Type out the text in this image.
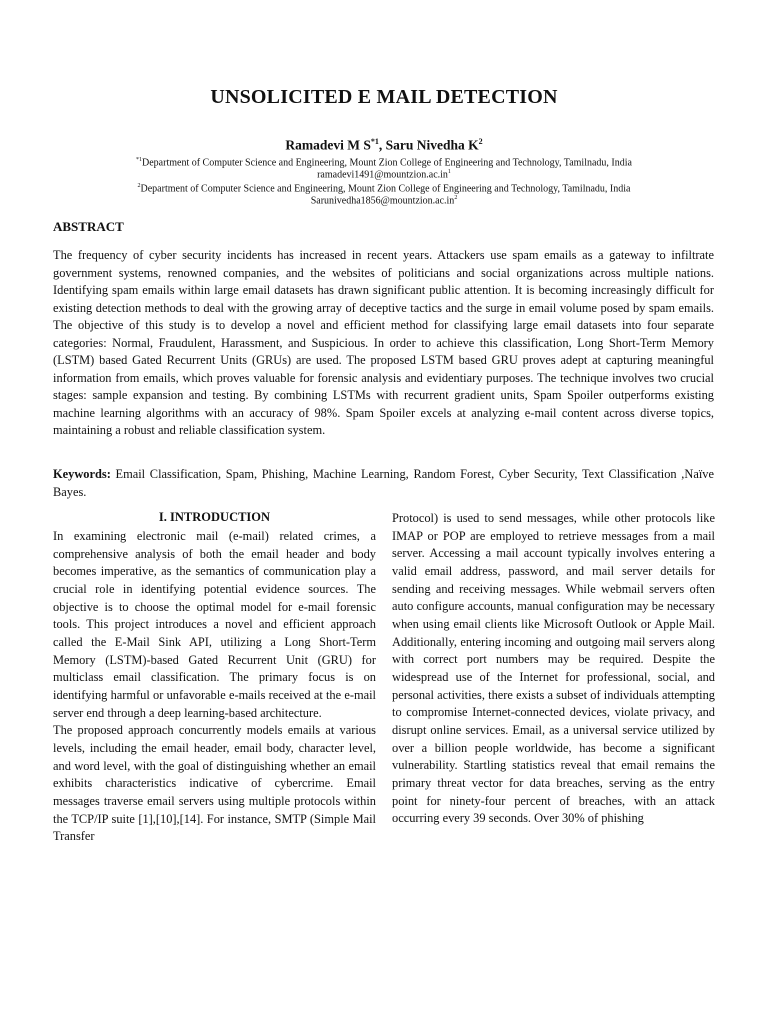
UNSOLICITED E MAIL DETECTION
Ramadevi M $S^{*1}$, Saru Nivedha $K^2$
$^{*1}$Department of Computer Science and Engineering, Mount Zion College of Engineering and Technology, Tamilnadu, India
$ramadevi1491@mountzion.ac.in^1$
$^2$Department of Computer Science and Engineering, Mount Zion College of Engineering and Technology, Tamilnadu, India
$Sarunivedha1856@mountzion.ac.in^2$
ABSTRACT

The frequency of cyber security incidents has increased in recent years. Attackers use spam emails as a gateway to infiltrate government systems, renowned companies, and the websites of politicians and social organizations across multiple nations. Identifying spam emails within large email datasets has drawn significant public attention. It is becoming increasingly difficult for existing detection methods to deal with the growing array of deceptive tactics and the surge in email volume posed by spam emails. The objective of this study is to develop a novel and efficient method for classifying large email datasets into four separate categories: Normal, Fraudulent, Harassment, and Suspicious. In order to achieve this classification, Long Short-Term Memory (LSTM) based Gated Recurrent Units (GRUs) are used. The proposed LSTM based GRU proves adept at capturing meaningful information from emails, which proves valuable for forensic analysis and evidentiary purposes. The technique involves two crucial stages: sample expansion and testing. By combining LSTMs with recurrent gradient units, Spam Spoiler outperforms existing machine learning algorithms with an accuracy of 98%. Spam Spoiler excels at analyzing e-mail content across diverse topics, maintaining a robust and reliable classification system.

Keywords: Email Classification, Spam, Phishing, Machine Learning, Random Forest, Cyber Security, Text Classification ,Naïve Bayes.

I. INTRODUCTION

In examining electronic mail (e-mail) related crimes, a comprehensive analysis of both the email header and body becomes imperative, as the semantics of communication play a crucial role in identifying potential evidence sources. The objective is to choose the optimal model for e-mail forensic tools. This project introduces a novel and efficient approach called the E-Mail Sink API, utilizing a Long Short-Term Memory (LSTM)-based Gated Recurrent Unit (GRU) for multiclass email classification. The primary focus is on identifying harmful or unfavorable e-mails received at the e-mail server end through a deep learning-based architecture.

The proposed approach concurrently models emails at various levels, including the email header, email body, character level, and word level, with the goal of distinguishing whether an email exhibits characteristics indicative of cybercrime. Email messages traverse email servers using multiple protocols within the TCP/IP suite [1],[10],[14]. For instance, SMTP (Simple Mail Transfer

Protocol) is used to send messages, while other protocols like IMAP or POP are employed to retrieve messages from a mail server. Accessing a mail account typically involves entering a valid email address, password, and mail server details for sending and receiving messages. While webmail servers often auto configure accounts, manual configuration may be necessary when using email clients like Microsoft Outlook or Apple Mail. Additionally, entering incoming and outgoing mail servers along with correct port numbers may be required. Despite the widespread use of the Internet for professional, social, and personal activities, there exists a subset of individuals attempting to compromise Internet-connected devices, violate privacy, and disrupt online services. Email, as a universal service utilized by over a billion people worldwide, has become a significant vulnerability. Startling statistics reveal that email remains the primary threat vector for data breaches, serving as the entry point for ninety-four percent of breaches, with an attack occurring every 39 seconds. Over 30% of phishing
